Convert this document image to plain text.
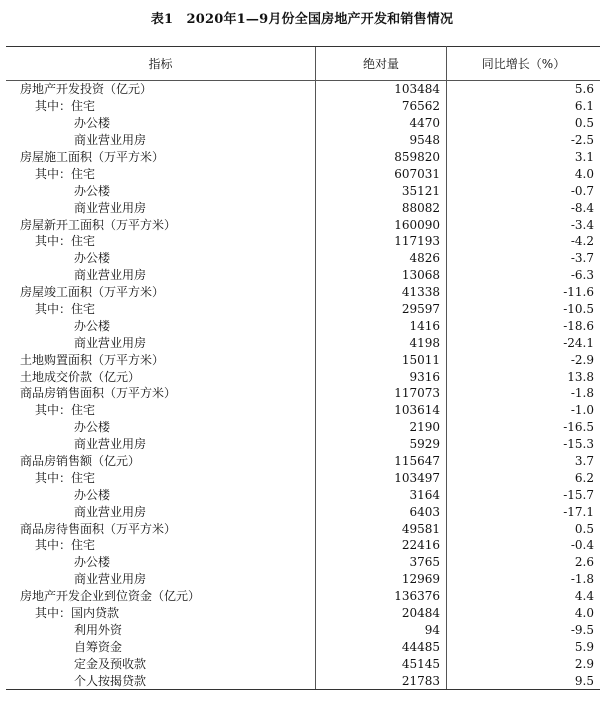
表1　2020年1—9月份全国房地产开发和销售情况
指标	绝对量	同比增长（%）
房地产开发投资（亿元）	103484	5.6
其中：住宅	76562	6.1
办公楼	4470	0.5
商业营业用房	9548	-2.5
房屋施工面积（万平方米）	859820	3.1
其中：住宅	607031	4.0
办公楼	35121	-0.7
商业营业用房	88082	-8.4
房屋新开工面积（万平方米）	160090	-3.4
其中：住宅	117193	-4.2
办公楼	4826	-3.7
商业营业用房	13068	-6.3
房屋竣工面积（万平方米）	41338	-11.6
其中：住宅	29597	-10.5
办公楼	1416	-18.6
商业营业用房	4198	-24.1
土地购置面积（万平方米）	15011	-2.9
土地成交价款（亿元）	9316	13.8
商品房销售面积（万平方米）	117073	-1.8
其中：住宅	103614	-1.0
办公楼	2190	-16.5
商业营业用房	5929	-15.3
商品房销售额（亿元）	115647	3.7
其中：住宅	103497	6.2
办公楼	3164	-15.7
商业营业用房	6403	-17.1
商品房待售面积（万平方米）	49581	0.5
其中：住宅	22416	-0.4
办公楼	3765	2.6
商业营业用房	12969	-1.8
房地产开发企业到位资金（亿元）	136376	4.4
其中：国内贷款	20484	4.0
利用外资	94	-9.5
自筹资金	44485	5.9
定金及预收款	45145	2.9
个人按揭贷款	21783	9.5
